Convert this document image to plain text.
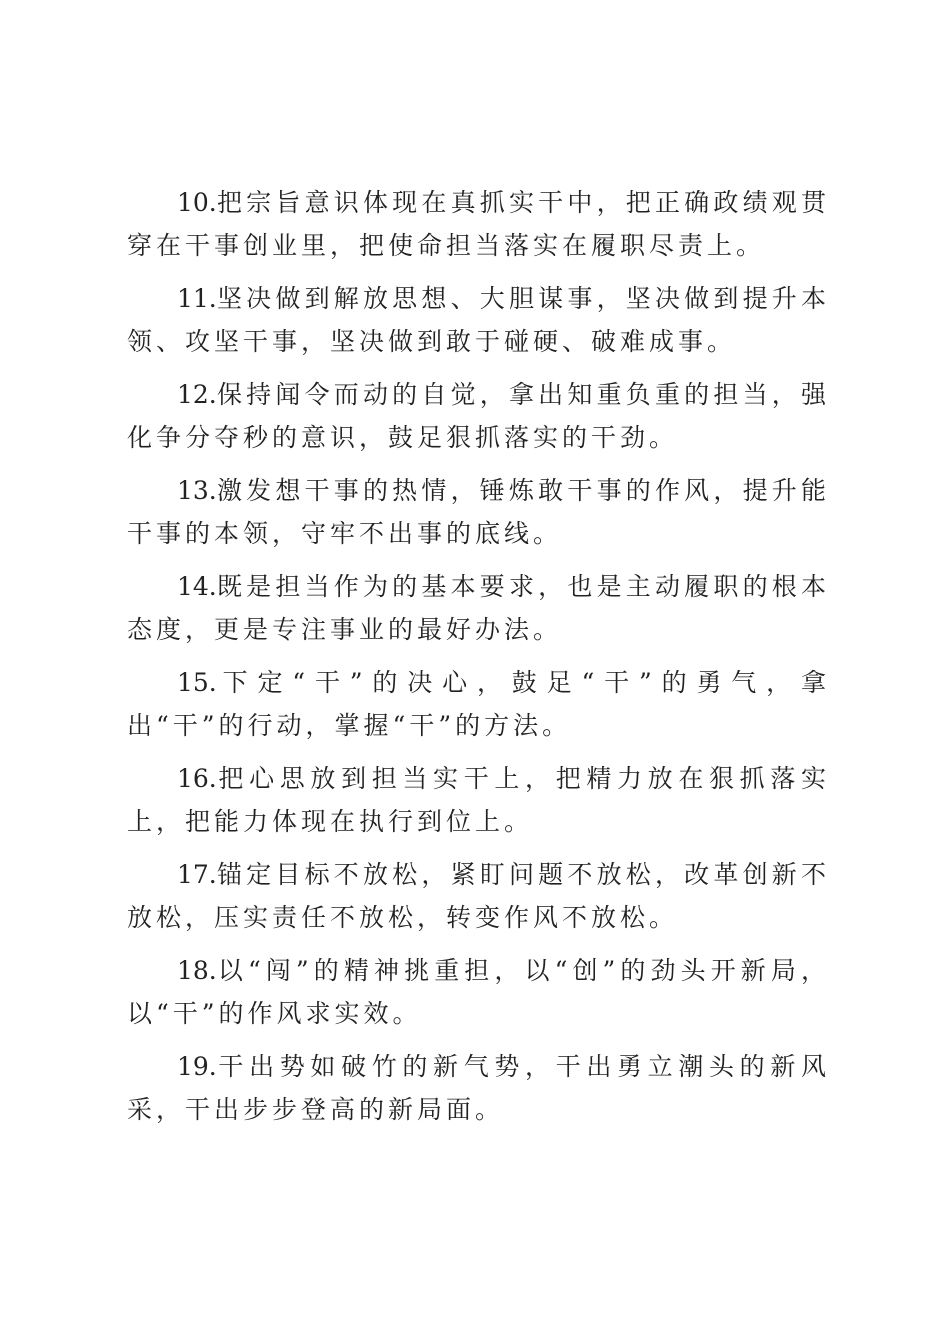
10.把宗旨意识体现在真抓实干中，把正确政绩观贯穿在干事创业里，把使命担当落实在履职尽责上。

11.坚决做到解放思想、大胆谋事，坚决做到提升本领、攻坚干事，坚决做到敢于碰硬、破难成事。

12.保持闻令而动的自觉，拿出知重负重的担当，强化争分夺秒的意识，鼓足狠抓落实的干劲。

13.激发想干事的热情，锤炼敢干事的作风，提升能干事的本领，守牢不出事的底线。

14.既是担当作为的基本要求，也是主动履职的根本态度，更是专注事业的最好办法。

15.下定“干”的决心，鼓足“干”的勇气，拿出“干”的行动，掌握“干”的方法。

16.把心思放到担当实干上，把精力放在狠抓落实上，把能力体现在执行到位上。

17.锚定目标不放松，紧盯问题不放松，改革创新不放松，压实责任不放松，转变作风不放松。

18.以“闯”的精神挑重担，以“创”的劲头开新局，以“干”的作风求实效。

19.干出势如破竹的新气势，干出勇立潮头的新风采，干出步步登高的新局面。
